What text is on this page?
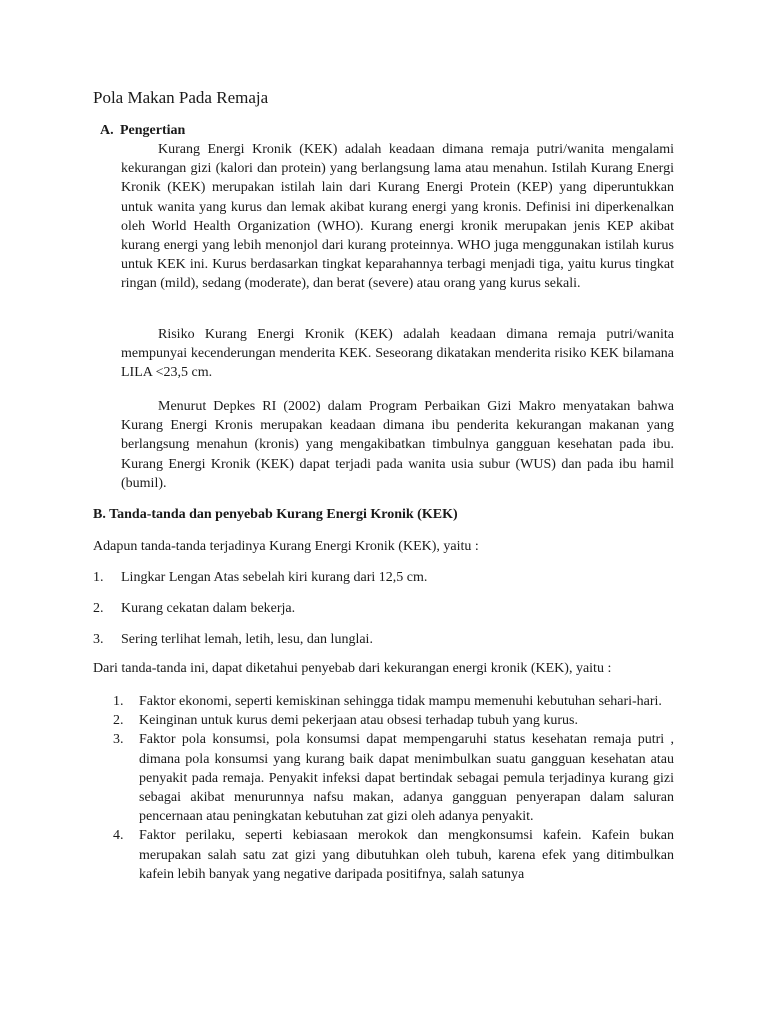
Pola Makan Pada Remaja
A. Pengertian

Kurang Energi Kronik (KEK) adalah keadaan dimana remaja putri/wanita mengalami kekurangan gizi (kalori dan protein) yang berlangsung lama atau menahun. Istilah Kurang Energi Kronik (KEK) merupakan istilah lain dari Kurang Energi Protein (KEP) yang diperuntukkan untuk wanita yang kurus dan lemak akibat kurang energi yang kronis. Definisi ini diperkenalkan oleh World Health Organization (WHO). Kurang energi kronik merupakan jenis KEP akibat kurang energi yang lebih menonjol dari kurang proteinnya. WHO juga menggunakan istilah kurus untuk KEK ini. Kurus berdasarkan tingkat keparahannya terbagi menjadi tiga, yaitu kurus tingkat ringan (mild), sedang (moderate), dan berat (severe) atau orang yang kurus sekali.

Risiko Kurang Energi Kronik (KEK) adalah keadaan dimana remaja putri/wanita mempunyai kecenderungan menderita KEK. Seseorang dikatakan menderita risiko KEK bilamana LILA <23,5 cm.

Menurut Depkes RI (2002) dalam Program Perbaikan Gizi Makro menyatakan bahwa Kurang Energi Kronis merupakan keadaan dimana ibu penderita kekurangan makanan yang berlangsung menahun (kronis) yang mengakibatkan timbulnya gangguan kesehatan pada ibu. Kurang Energi Kronik (KEK) dapat terjadi pada wanita usia subur (WUS) dan pada ibu hamil (bumil).

B. Tanda-tanda dan penyebab Kurang Energi Kronik (KEK)
Adapun tanda-tanda terjadinya Kurang Energi Kronik (KEK), yaitu :
1. Lingkar Lengan Atas sebelah kiri kurang dari 12,5 cm.
2. Kurang cekatan dalam bekerja.
3. Sering terlihat lemah, letih, lesu, dan lunglai.
Dari tanda-tanda ini, dapat diketahui penyebab dari kekurangan energi kronik (KEK), yaitu :
1. Faktor ekonomi, seperti kemiskinan sehingga tidak mampu memenuhi kebutuhan sehari-hari.
2. Keinginan untuk kurus demi pekerjaan atau obsesi terhadap tubuh yang kurus.
3. Faktor pola konsumsi, pola konsumsi dapat mempengaruhi status kesehatan remaja putri , dimana pola konsumsi yang kurang baik dapat menimbulkan suatu gangguan kesehatan atau penyakit pada remaja. Penyakit infeksi dapat bertindak sebagai pemula terjadinya kurang gizi sebagai akibat menurunnya nafsu makan, adanya gangguan penyerapan dalam saluran pencernaan atau peningkatan kebutuhan zat gizi oleh adanya penyakit.
4. Faktor perilaku, seperti kebiasaan merokok dan mengkonsumsi kafein. Kafein bukan merupakan salah satu zat gizi yang dibutuhkan oleh tubuh, karena efek yang ditimbulkan kafein lebih banyak yang negative daripada positifnya, salah satunya
